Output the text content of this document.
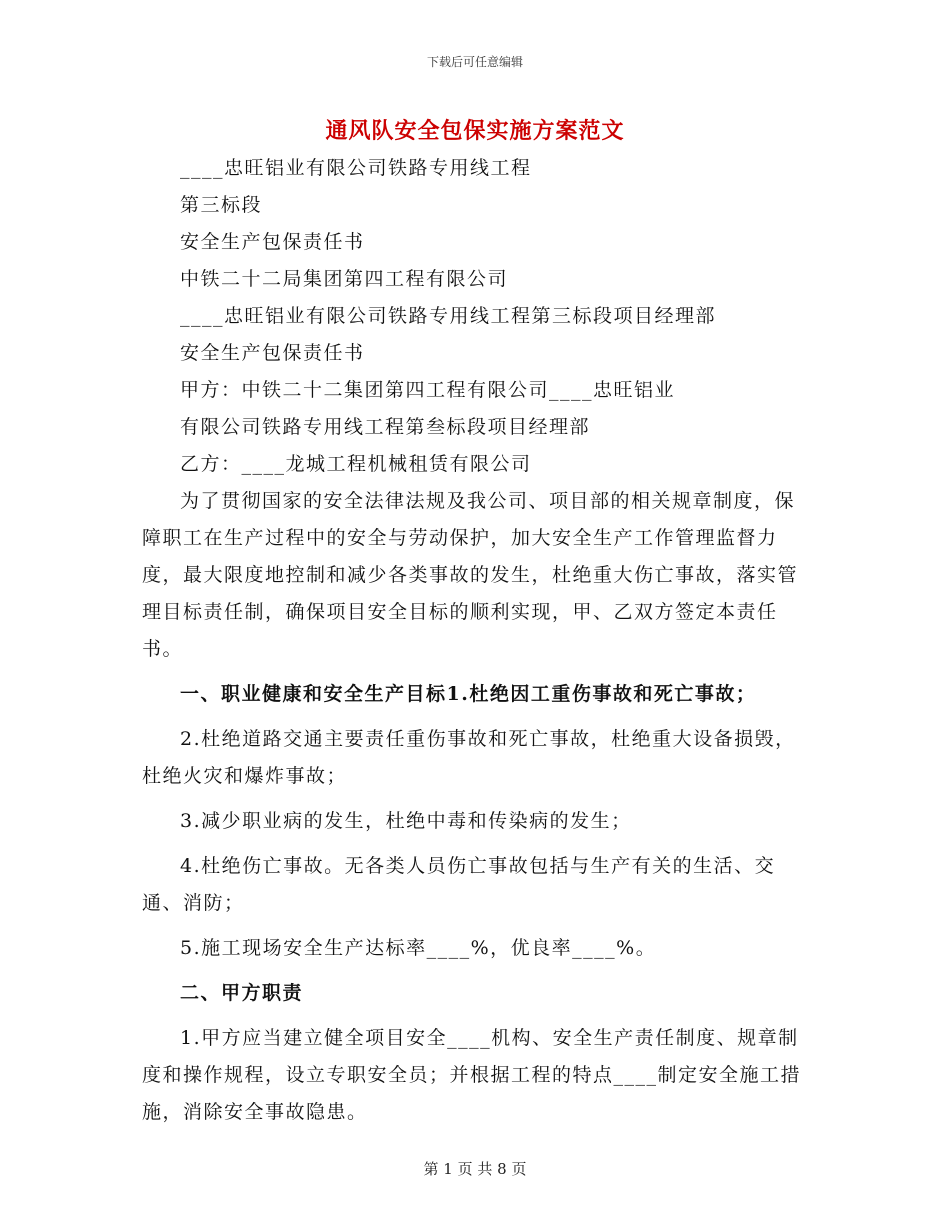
下载后可任意编辑
通风队安全包保实施方案范文

____忠旺铝业有限公司铁路专用线工程

第三标段

安全生产包保责任书

中铁二十二局集团第四工程有限公司

____忠旺铝业有限公司铁路专用线工程第三标段项目经理部

安全生产包保责任书

甲方：中铁二十二集团第四工程有限公司____忠旺铝业

有限公司铁路专用线工程第叁标段项目经理部

乙方：____龙城工程机械租赁有限公司

为了贯彻国家的安全法律法规及我公司、项目部的相关规章制度，保障职工在生产过程中的安全与劳动保护，加大安全生产工作管理监督力度，最大限度地控制和减少各类事故的发生，杜绝重大伤亡事故，落实管理目标责任制，确保项目安全目标的顺利实现，甲、乙双方签定本责任书。

一、职业健康和安全生产目标1.杜绝因工重伤事故和死亡事故；

2.杜绝道路交通主要责任重伤事故和死亡事故，杜绝重大设备损毁，杜绝火灾和爆炸事故；

3.减少职业病的发生，杜绝中毒和传染病的发生；

4.杜绝伤亡事故。无各类人员伤亡事故包括与生产有关的生活、交通、消防；

5.施工现场安全生产达标率____%，优良率____%。

二、甲方职责

1.甲方应当建立健全项目安全____机构、安全生产责任制度、规章制度和操作规程，设立专职安全员；并根据工程的特点____制定安全施工措施，消除安全事故隐患。

第 1 页 共 8 页
